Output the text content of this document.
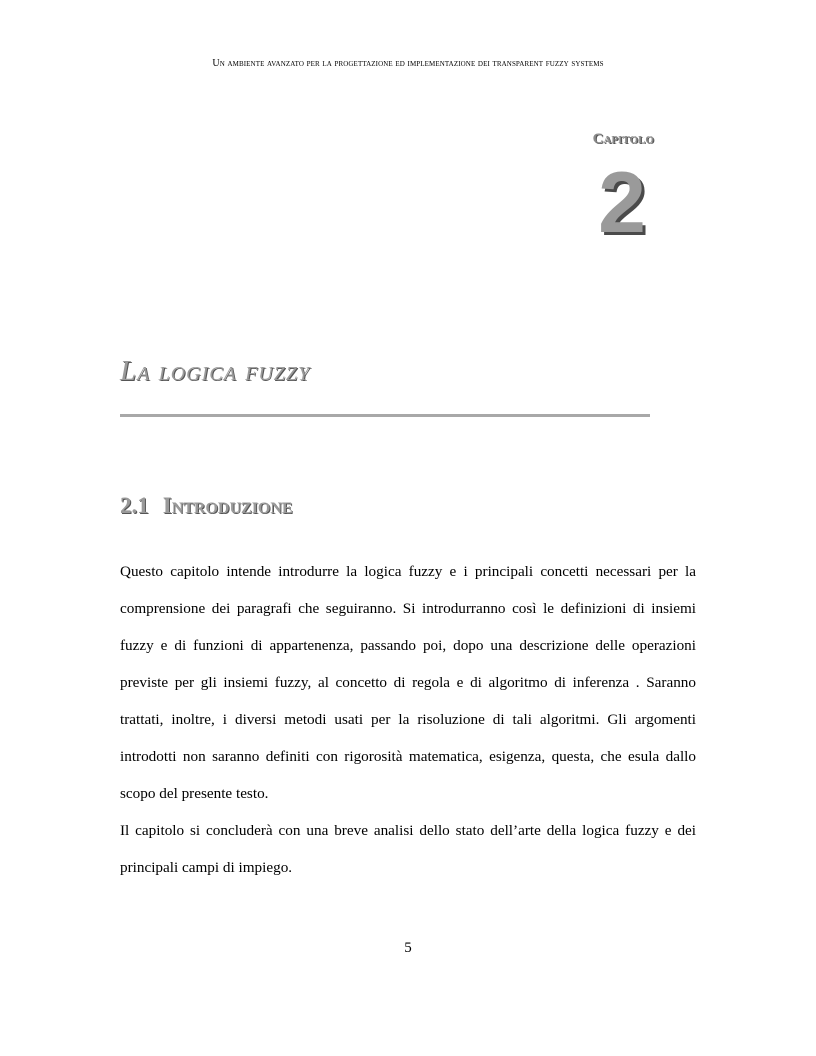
Un ambiente avanzato per la progettazione ed implementazione dei transparent fuzzy systems
Capitolo
2
La logica fuzzy
2.1 Introduzione

Questo capitolo intende introdurre la logica fuzzy e i principali concetti necessari per la comprensione dei paragrafi che seguiranno. Si introdurranno così le definizioni di insiemi fuzzy e di funzioni di appartenenza, passando poi, dopo una descrizione delle operazioni previste per gli insiemi fuzzy, al concetto di regola e di algoritmo di inferenza . Saranno trattati, inoltre, i diversi metodi usati per la risoluzione di tali algoritmi. Gli argomenti introdotti non saranno definiti con rigorosità matematica, esigenza, questa, che esula dallo scopo del presente testo.

Il capitolo si concluderà con una breve analisi dello stato dell’arte della logica fuzzy e dei principali campi di impiego.

5
